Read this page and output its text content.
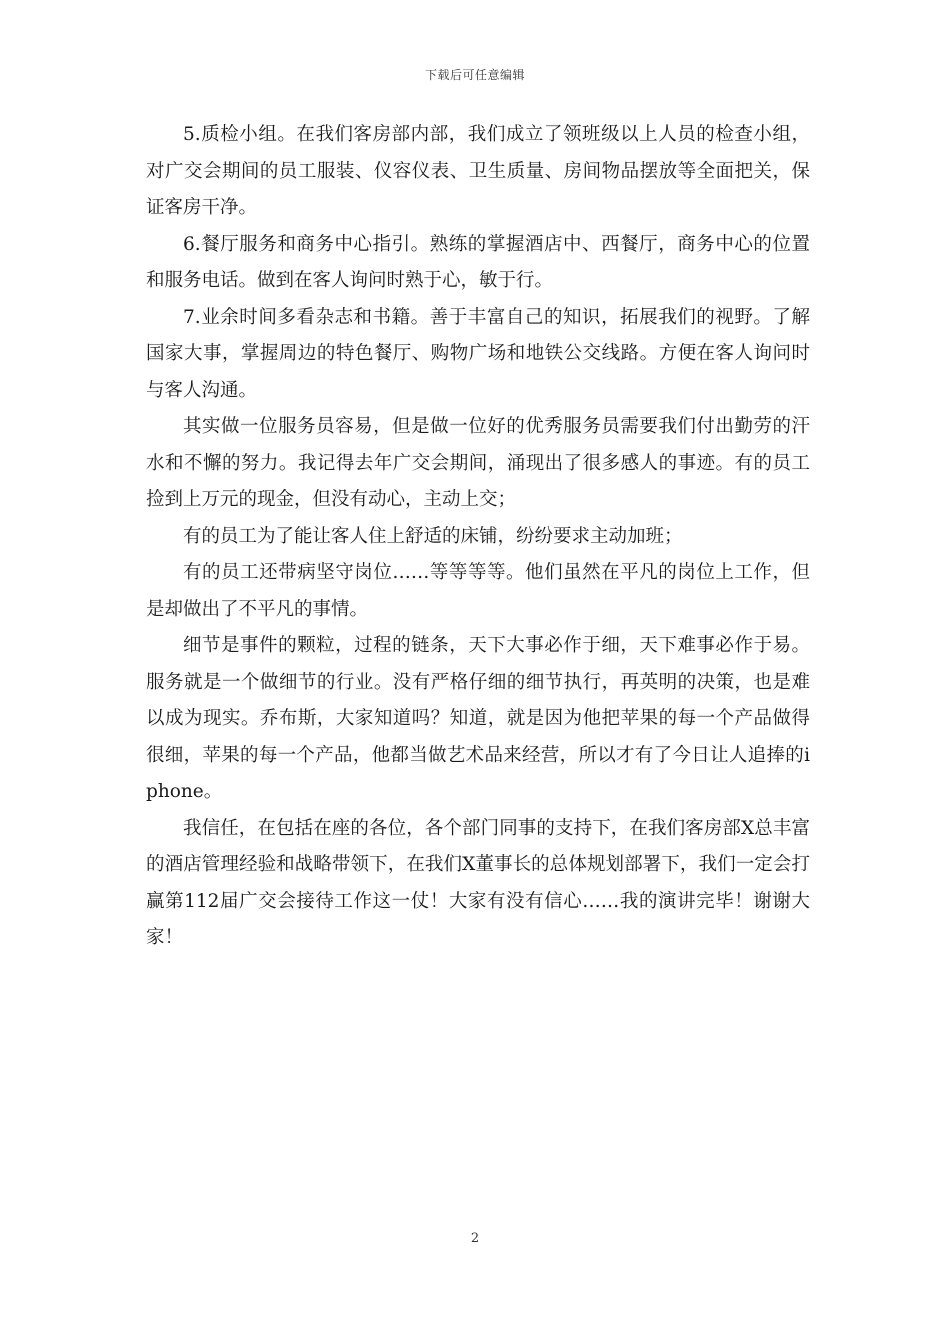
下载后可任意编辑

5.质检小组。在我们客房部内部，我们成立了领班级以上人员的检查小组，对广交会期间的员工服装、仪容仪表、卫生质量、房间物品摆放等全面把关，保证客房干净。

6.餐厅服务和商务中心指引。熟练的掌握酒店中、西餐厅，商务中心的位置和服务电话。做到在客人询问时熟于心，敏于行。

7.业余时间多看杂志和书籍。善于丰富自己的知识，拓展我们的视野。了解国家大事，掌握周边的特色餐厅、购物广场和地铁公交线路。方便在客人询问时与客人沟通。

其实做一位服务员容易，但是做一位好的优秀服务员需要我们付出勤劳的汗水和不懈的努力。我记得去年广交会期间，涌现出了很多感人的事迹。有的员工捡到上万元的现金，但没有动心，主动上交；

有的员工为了能让客人住上舒适的床铺，纷纷要求主动加班；

有的员工还带病坚守岗位……等等等等。他们虽然在平凡的岗位上工作，但是却做出了不平凡的事情。

细节是事件的颗粒，过程的链条，天下大事必作于细，天下难事必作于易。服务就是一个做细节的行业。没有严格仔细的细节执行，再英明的决策，也是难以成为现实。乔布斯，大家知道吗？知道，就是因为他把苹果的每一个产品做得很细，苹果的每一个产品，他都当做艺术品来经营，所以才有了今日让人追捧的iphone。

我信任，在包括在座的各位，各个部门同事的支持下，在我们客房部X总丰富的酒店管理经验和战略带领下，在我们X董事长的总体规划部署下，我们一定会打赢第112届广交会接待工作这一仗！大家有没有信心……我的演讲完毕！谢谢大家！

2
